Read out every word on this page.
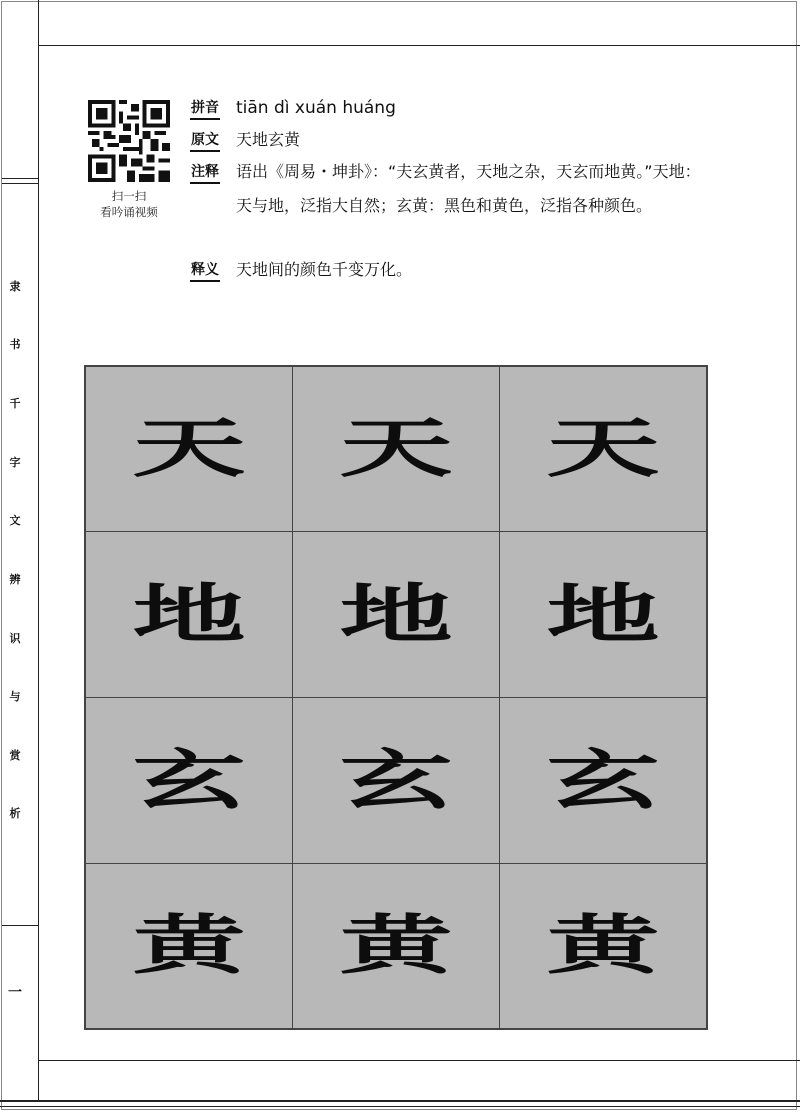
隶
书
千
字
文
辨
识
与
赏
析
一
扫一扫
看吟诵视频
拼音 tiān dì xuán huáng
原文 天地玄黄
注释 语出《周易・坤卦》：“夫玄黄者，天地之杂，天玄而地黄。”天地：天与地，泛指大自然；玄黄：黑色和黄色，泛指各种颜色。
释义 天地间的颜色千变万化。
天 天 天
地 地 地
玄 玄 玄
黄 黄 黄
